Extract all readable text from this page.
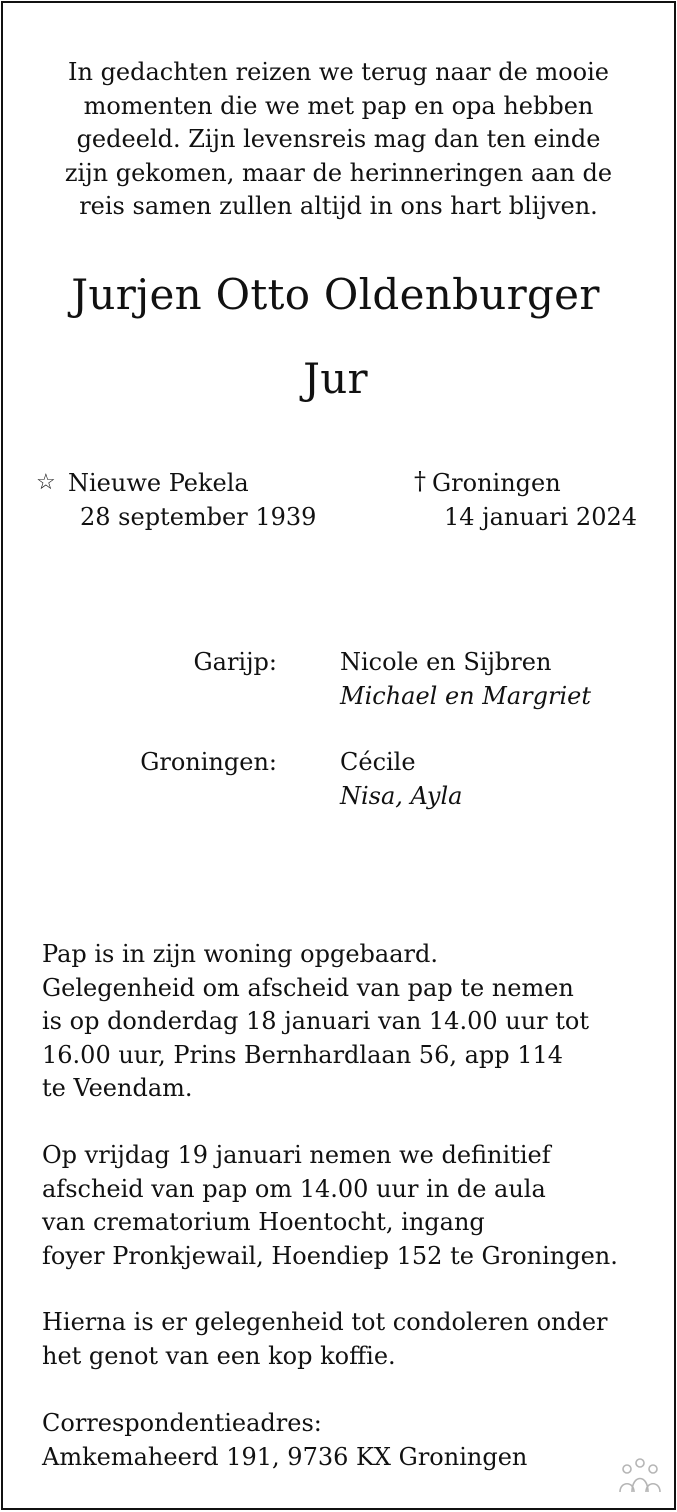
In gedachten reizen we terug naar de mooie
momenten die we met pap en opa hebben
gedeeld. Zijn levensreis mag dan ten einde
zijn gekomen, maar de herinneringen aan de
reis samen zullen altijd in ons hart blijven.
Jurjen Otto Oldenburger
Jur
☆ Nieuwe Pekela
28 september 1939
† Groningen
14 januari 2024
Garijp:	Nicole en Sijbren
Michael en Margriet
Groningen:	Cécile
Nisa, Ayla
Pap is in zijn woning opgebaard.
Gelegenheid om afscheid van pap te nemen
is op donderdag 18 januari van 14.00 uur tot
16.00 uur, Prins Bernhardlaan 56, app 114
te Veendam.
Op vrijdag 19 januari nemen we definitief
afscheid van pap om 14.00 uur in de aula
van crematorium Hoentocht, ingang
foyer Pronkjewail, Hoendiep 152 te Groningen.
Hierna is er gelegenheid tot condoleren onder
het genot van een kop koffie.
Correspondentieadres:
Amkemaheerd 191, 9736 KX Groningen
